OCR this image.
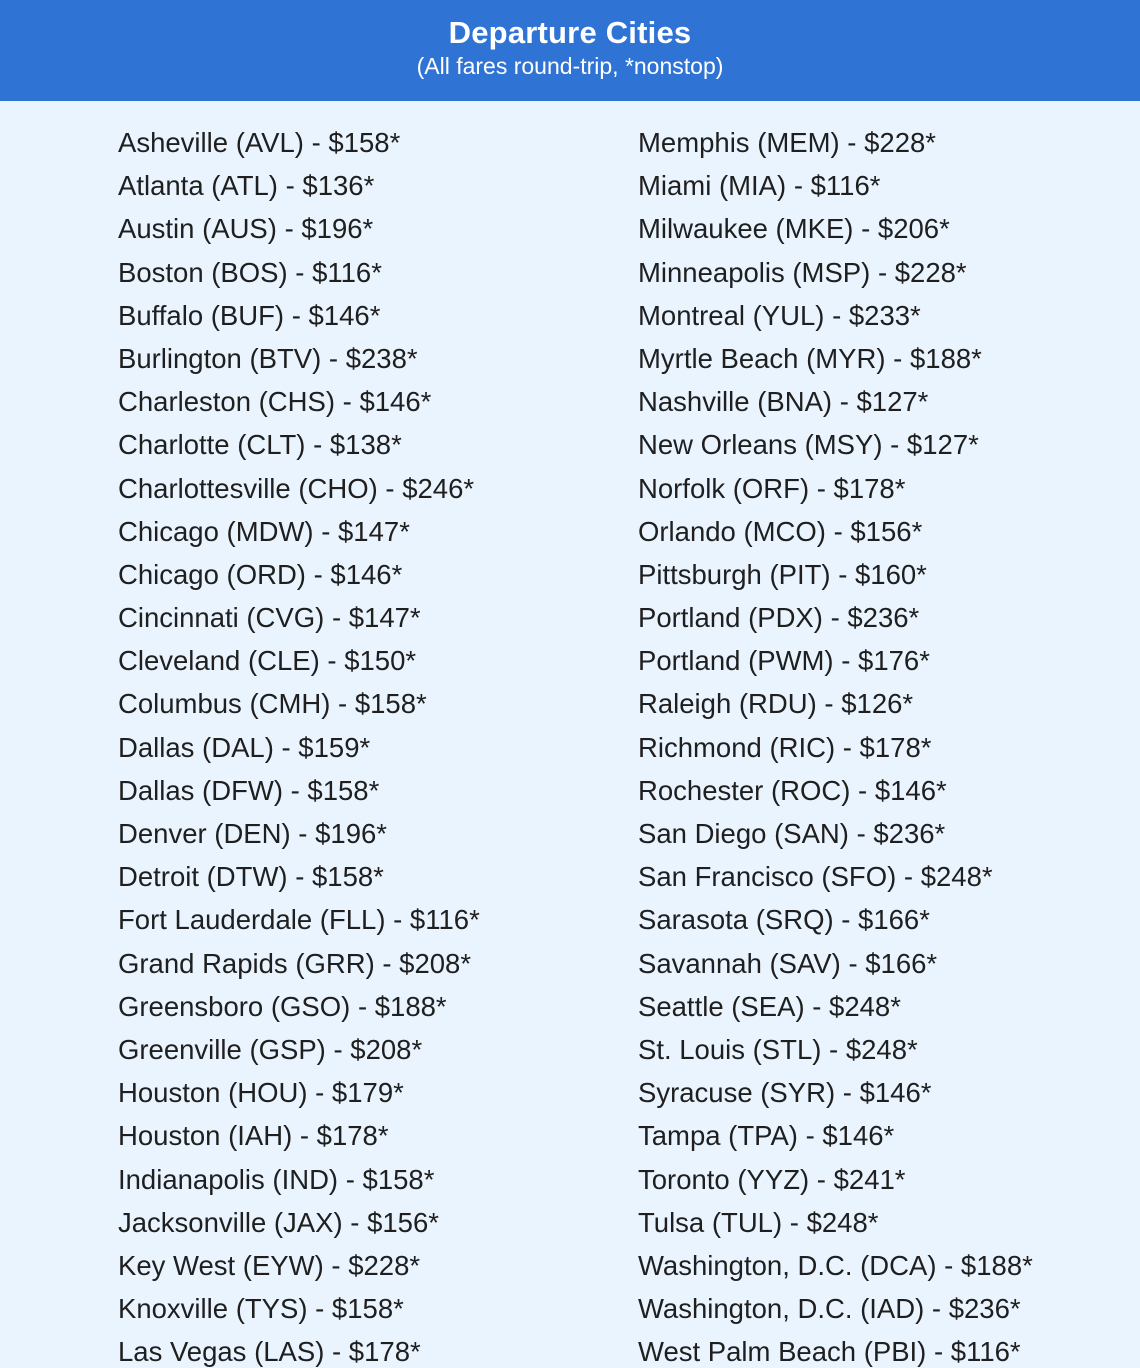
Departure Cities
(All fares round-trip, *nonstop)
Asheville (AVL) - $158*
Atlanta (ATL) - $136*
Austin (AUS) - $196*
Boston (BOS) - $116*
Buffalo (BUF) - $146*
Burlington (BTV) - $238*
Charleston (CHS) - $146*
Charlotte (CLT) - $138*
Charlottesville (CHO) - $246*
Chicago (MDW) - $147*
Chicago (ORD) - $146*
Cincinnati (CVG) - $147*
Cleveland (CLE) - $150*
Columbus (CMH) - $158*
Dallas (DAL) - $159*
Dallas (DFW) - $158*
Denver (DEN) - $196*
Detroit (DTW) - $158*
Fort Lauderdale (FLL) - $116*
Grand Rapids (GRR) - $208*
Greensboro (GSO) - $188*
Greenville (GSP) - $208*
Houston (HOU) - $179*
Houston (IAH) - $178*
Indianapolis (IND) - $158*
Jacksonville (JAX) - $156*
Key West (EYW) - $228*
Knoxville (TYS) - $158*
Las Vegas (LAS) - $178*
Memphis (MEM) - $228*
Miami (MIA) - $116*
Milwaukee (MKE) - $206*
Minneapolis (MSP) - $228*
Montreal (YUL) - $233*
Myrtle Beach (MYR) - $188*
Nashville (BNA) - $127*
New Orleans (MSY) - $127*
Norfolk (ORF) - $178*
Orlando (MCO) - $156*
Pittsburgh (PIT) - $160*
Portland (PDX) - $236*
Portland (PWM) - $176*
Raleigh (RDU) - $126*
Richmond (RIC) - $178*
Rochester (ROC) - $146*
San Diego (SAN) - $236*
San Francisco (SFO) - $248*
Sarasota (SRQ) - $166*
Savannah (SAV) - $166*
Seattle (SEA) - $248*
St. Louis (STL) - $248*
Syracuse (SYR) - $146*
Tampa (TPA) - $146*
Toronto (YYZ) - $241*
Tulsa (TUL) - $248*
Washington, D.C. (DCA) - $188*
Washington, D.C. (IAD) - $236*
West Palm Beach (PBI) - $116*
